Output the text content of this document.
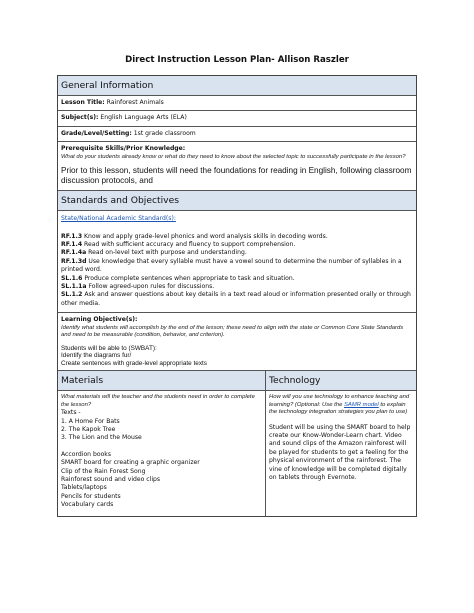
Direct Instruction Lesson Plan- Allison Raszler
General Information
Lesson Title: Rainforest Animals
Subject(s): English Language Arts (ELA)
Grade/Level/Setting: 1st grade classroom
Prerequisite Skills/Prior Knowledge:
What do your students already know or what do they need to know about the selected topic to successfully participate in the lesson?
Prior to this lesson, students will need the foundations for reading in English, following classroom discussion protocols, and
Standards and Objectives
State/National Academic Standard(s):

RF.1.3 Know and apply grade-level phonics and word analysis skills in decoding words.

RF.1.4 Read with sufficient accuracy and fluency to support comprehension.

RF.1.4a Read on-level text with purpose and understanding.

RF.1.3d Use knowledge that every syllable must have a vowel sound to determine the number of syllables in a printed word.

SL.1.6 Produce complete sentences when appropriate to task and situation.

SL.1.1a Follow agreed-upon rules for discussions.

SL.1.2 Ask and answer questions about key details in a text read aloud or information presented orally or through other media.

Learning Objective(s):
Identify what students will accomplish by the end of the lesson; these need to align with the state or Common Core State Standards and need to be measurable (condition, behavior, and criterion).
Students will be able to (SWBAT):
Identify the diagrams fur/
Create sentences with grade-level appropriate texts
Materials	Technology
What materials will the teacher and the students need in order to complete the lesson?
Texts -
1. A Home For Bats
2. The Kapok Tree
3. The Lion and the Mouse
Accordion books
SMART board for creating a graphic organizer
Clip of the Rain Forest Song
Rainforest sound and video clips
Tablets/laptops
Pencils for students
Vocabulary cards
How will you use technology to enhance teaching and learning? (Optional: Use the SAMR model to explain the technology integration strategies you plan to use)
Student will be using the SMART board to help create our Know-Wonder-Learn chart. Video and sound clips of the Amazon rainforest will be played for students to get a feeling for the physical environment of the rainforest. The vine of knowledge will be completed digitally on tablets through Evernote.
